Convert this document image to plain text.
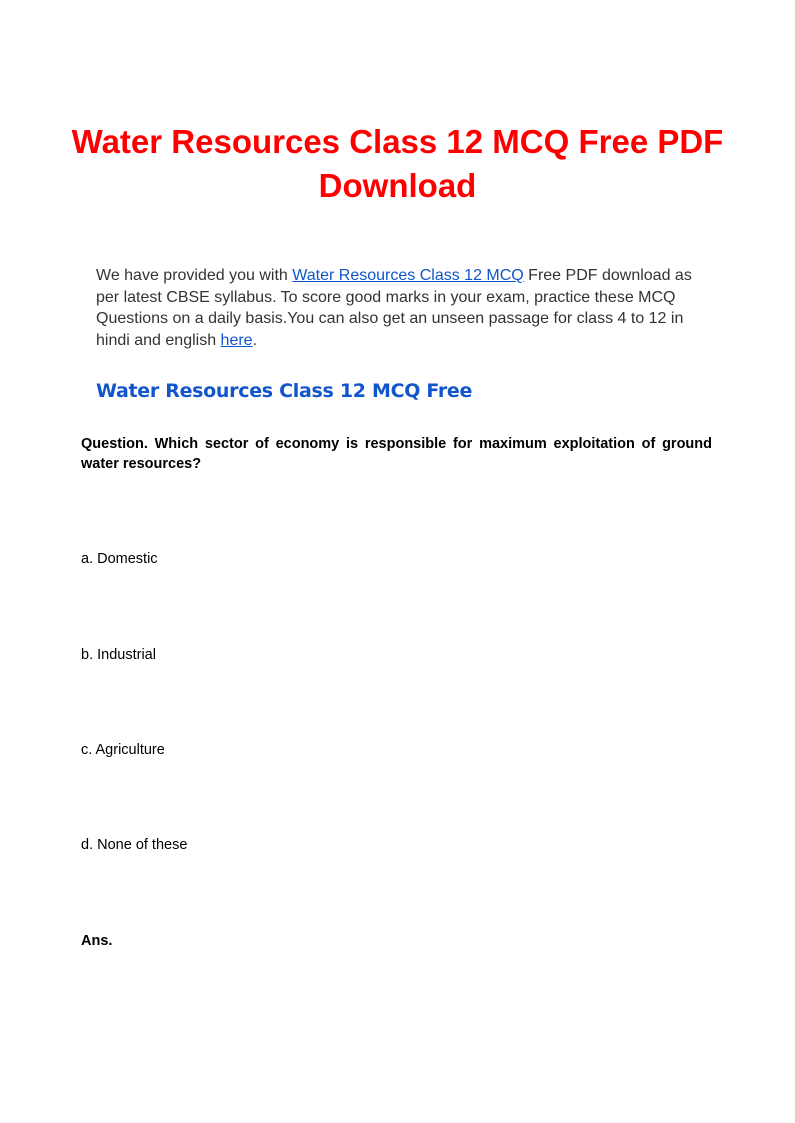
Water Resources Class 12 MCQ Free PDF Download

We have provided you with Water Resources Class 12 MCQ Free PDF download as per latest CBSE syllabus. To score good marks in your exam, practice these MCQ Questions on a daily basis.You can also get an unseen passage for class 4 to 12 in hindi and english here.

Water Resources Class 12 MCQ Free

Question. Which sector of economy is responsible for maximum exploitation of ground water resources?

a. Domestic

b. Industrial

c. Agriculture

d. None of these

Ans.
